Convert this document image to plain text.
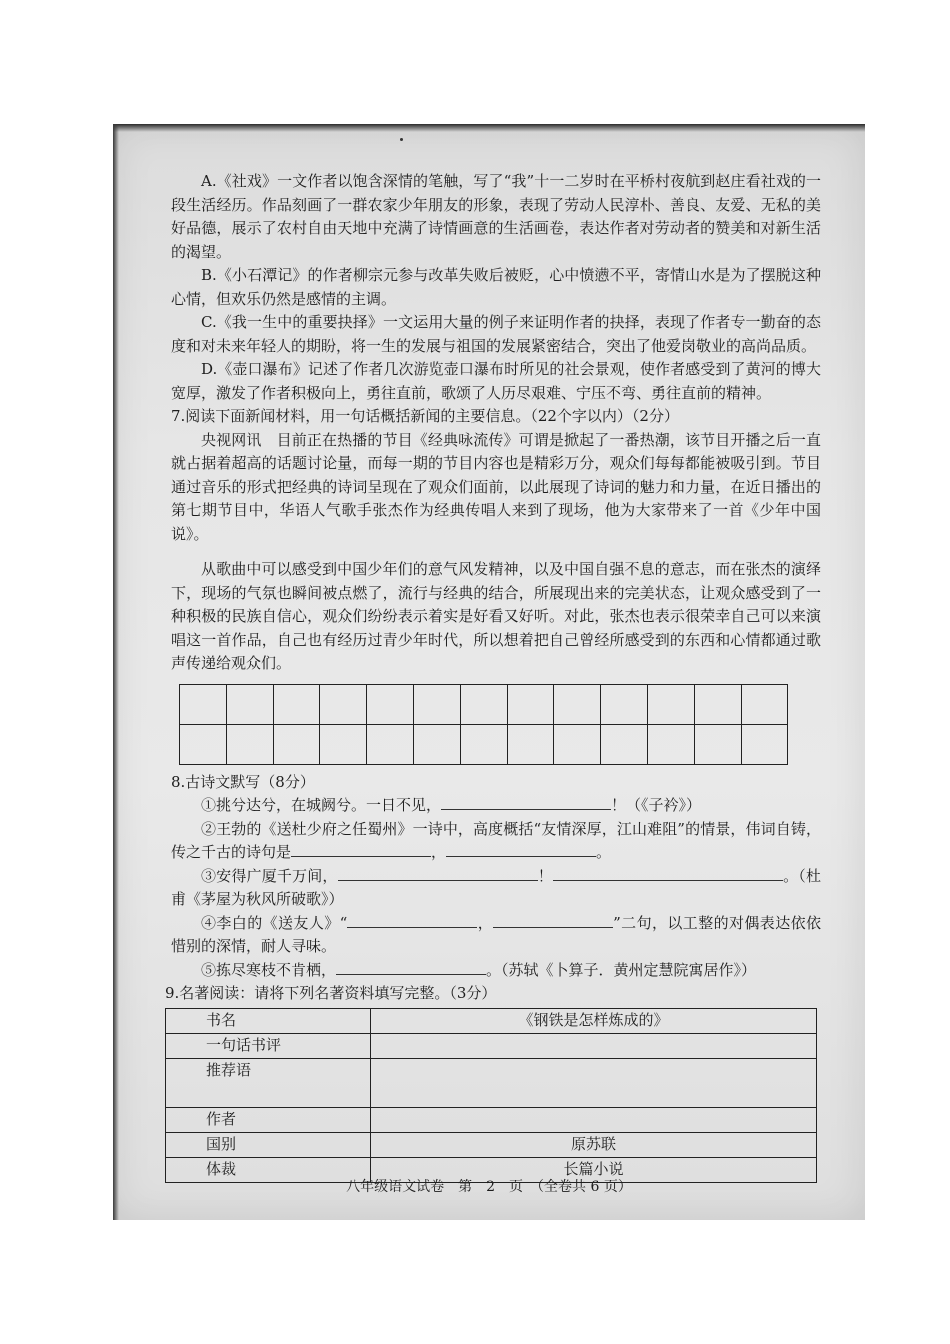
A.《社戏》一文作者以饱含深情的笔触，写了“我”十一二岁时在平桥村夜航到赵庄看社戏的一段生活经历。作品刻画了一群农家少年朋友的形象，表现了劳动人民淳朴、善良、友爱、无私的美好品德，展示了农村自由天地中充满了诗情画意的生活画卷，表达作者对劳动者的赞美和对新生活的渴望。

B.《小石潭记》的作者柳宗元参与改革失败后被贬，心中愤懑不平，寄情山水是为了摆脱这种心情，但欢乐仍然是感情的主调。

C.《我一生中的重要抉择》一文运用大量的例子来证明作者的抉择，表现了作者专一勤奋的态度和对未来年轻人的期盼，将一生的发展与祖国的发展紧密结合，突出了他爱岗敬业的高尚品质。

D.《壶口瀑布》记述了作者几次游览壶口瀑布时所见的社会景观，使作者感受到了黄河的博大宽厚，激发了作者积极向上，勇往直前，歌颂了人历尽艰难、宁压不弯、勇往直前的精神。

7.阅读下面新闻材料，用一句话概括新闻的主要信息。（22个字以内）（2分）

央视网讯　目前正在热播的节目《经典咏流传》可谓是掀起了一番热潮，该节目开播之后一直就占据着超高的话题讨论量，而每一期的节目内容也是精彩万分，观众们每每都能被吸引到。节目通过音乐的形式把经典的诗词呈现在了观众们面前，以此展现了诗词的魅力和力量，在近日播出的第七期节目中，华语人气歌手张杰作为经典传唱人来到了现场，他为大家带来了一首《少年中国说》。

从歌曲中可以感受到中国少年们的意气风发精神，以及中国自强不息的意志，而在张杰的演绎下，现场的气氛也瞬间被点燃了，流行与经典的结合，所展现出来的完美状态，让观众感受到了一种积极的民族自信心，观众们纷纷表示着实是好看又好听。对此，张杰也表示很荣幸自己可以来演唱这一首作品，自己也有经历过青少年时代，所以想着把自己曾经所感受到的东西和心情都通过歌声传递给观众们。

8.古诗文默写（8分）

①挑兮达兮，在城阙兮。一日不见，	！（《子衿》）

②王勃的《送杜少府之任蜀州》一诗中，高度概括“友情深厚，江山难阻”的情景，伟词自铸，传之千古的诗句是	，	。

③安得广厦千万间，	！	。（杜甫《茅屋为秋风所破歌》）

④李白的《送友人》“	，	”二句，以工整的对偶表达依依惜别的深情，耐人寻味。

⑤拣尽寒枝不肯栖，	。（苏轼《卜算子．黄州定慧院寓居作》）

9.名著阅读：请将下列名著资料填写完整。（3分）

书名	《钢铁是怎样炼成的》
一句话书评	
推荐语	
作者	
国别	原苏联
体裁	长篇小说
八年级语文试卷　第　2　页　（全卷共 6 页）
